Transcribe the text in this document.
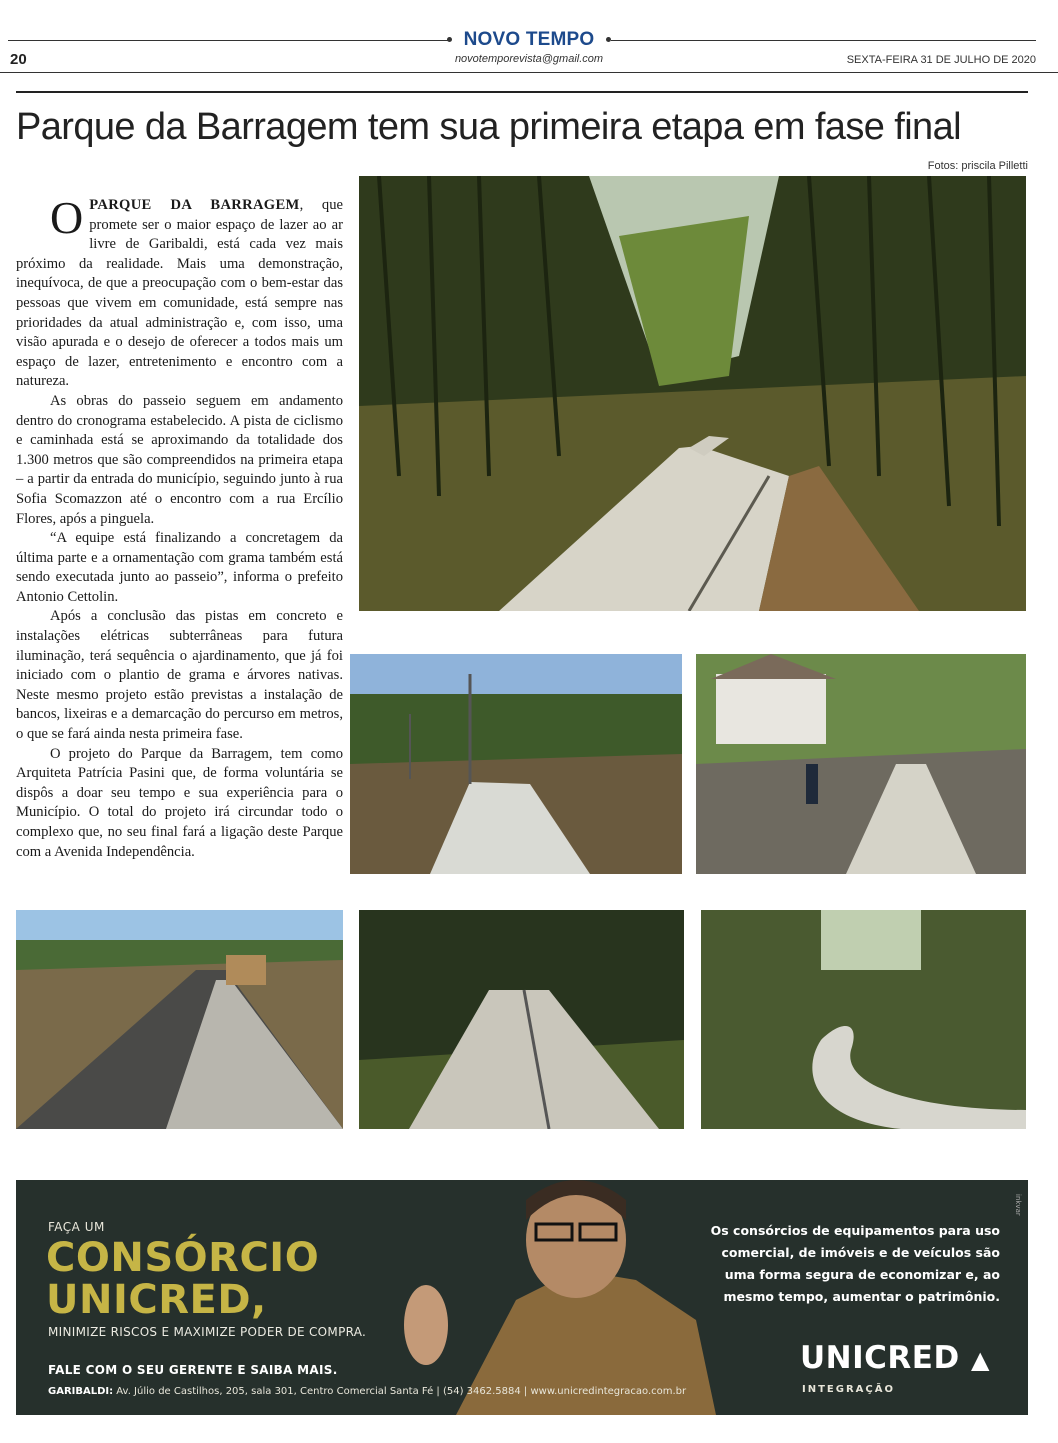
NOVO TEMPO
20	novotemporevista@gmail.com	SEXTA-FEIRA 31 DE JULHO DE 2020
Parque da Barragem tem sua primeira etapa em fase final
Fotos: priscila Pilletti

OPARQUE DA BARRAGEM, que promete ser o maior espaço de lazer ao ar livre de Garibaldi, está cada vez mais próximo da realidade. Mais uma demonstração, inequívoca, de que a preocupação com o bem-estar das pessoas que vivem em comunidade, está sempre nas prioridades da atual administração e, com isso, uma visão apurada e o desejo de oferecer a todos mais um espaço de lazer, entretenimento e encontro com a natureza.

As obras do passeio seguem em andamento dentro do cronograma estabelecido. A pista de ciclismo e caminhada está se aproximando da totalidade dos 1.300 metros que são compreendidos na primeira etapa – a partir da entrada do município, seguindo junto à rua Sofia Scomazzon até o encontro com a rua Ercílio Flores, após a pinguela.

“A equipe está finalizando a concretagem da última parte e a ornamentação com grama também está sendo executada junto ao passeio”, informa o prefeito Antonio Cettolin.

Após a conclusão das pistas em concreto e instalações elétricas subterrâneas para futura iluminação, terá sequência o ajardinamento, que já foi iniciado com o plantio de grama e árvores nativas. Neste mesmo projeto estão previstas a instalação de bancos, lixeiras e a demarcação do percurso em metros, o que se fará ainda nesta primeira fase.

O projeto do Parque da Barragem, tem como Arquiteta Patrícia Pasini que, de forma voluntária se dispôs a doar seu tempo e sua experiência para o Município. O total do projeto irá circundar todo o complexo que, no seu final fará a ligação deste Parque com a Avenida Independência.

FAÇA UM
CONSÓRCIO
UNICRED,
MINIMIZE RISCOS E MAXIMIZE PODER DE COMPRA.
FALE COM O SEU GERENTE E SAIBA MAIS.
GARIBALDI: Av. Júlio de Castilhos, 205, sala 301, Centro Comercial Santa Fé | (54) 3462.5884 | www.unicredintegracao.com.br
Os consórcios de equipamentos para uso comercial, de imóveis e de veículos são uma forma segura de economizar e, ao mesmo tempo, aumentar o patrimônio.
UNICRED ▲
INTEGRAÇÃO
inkvar
